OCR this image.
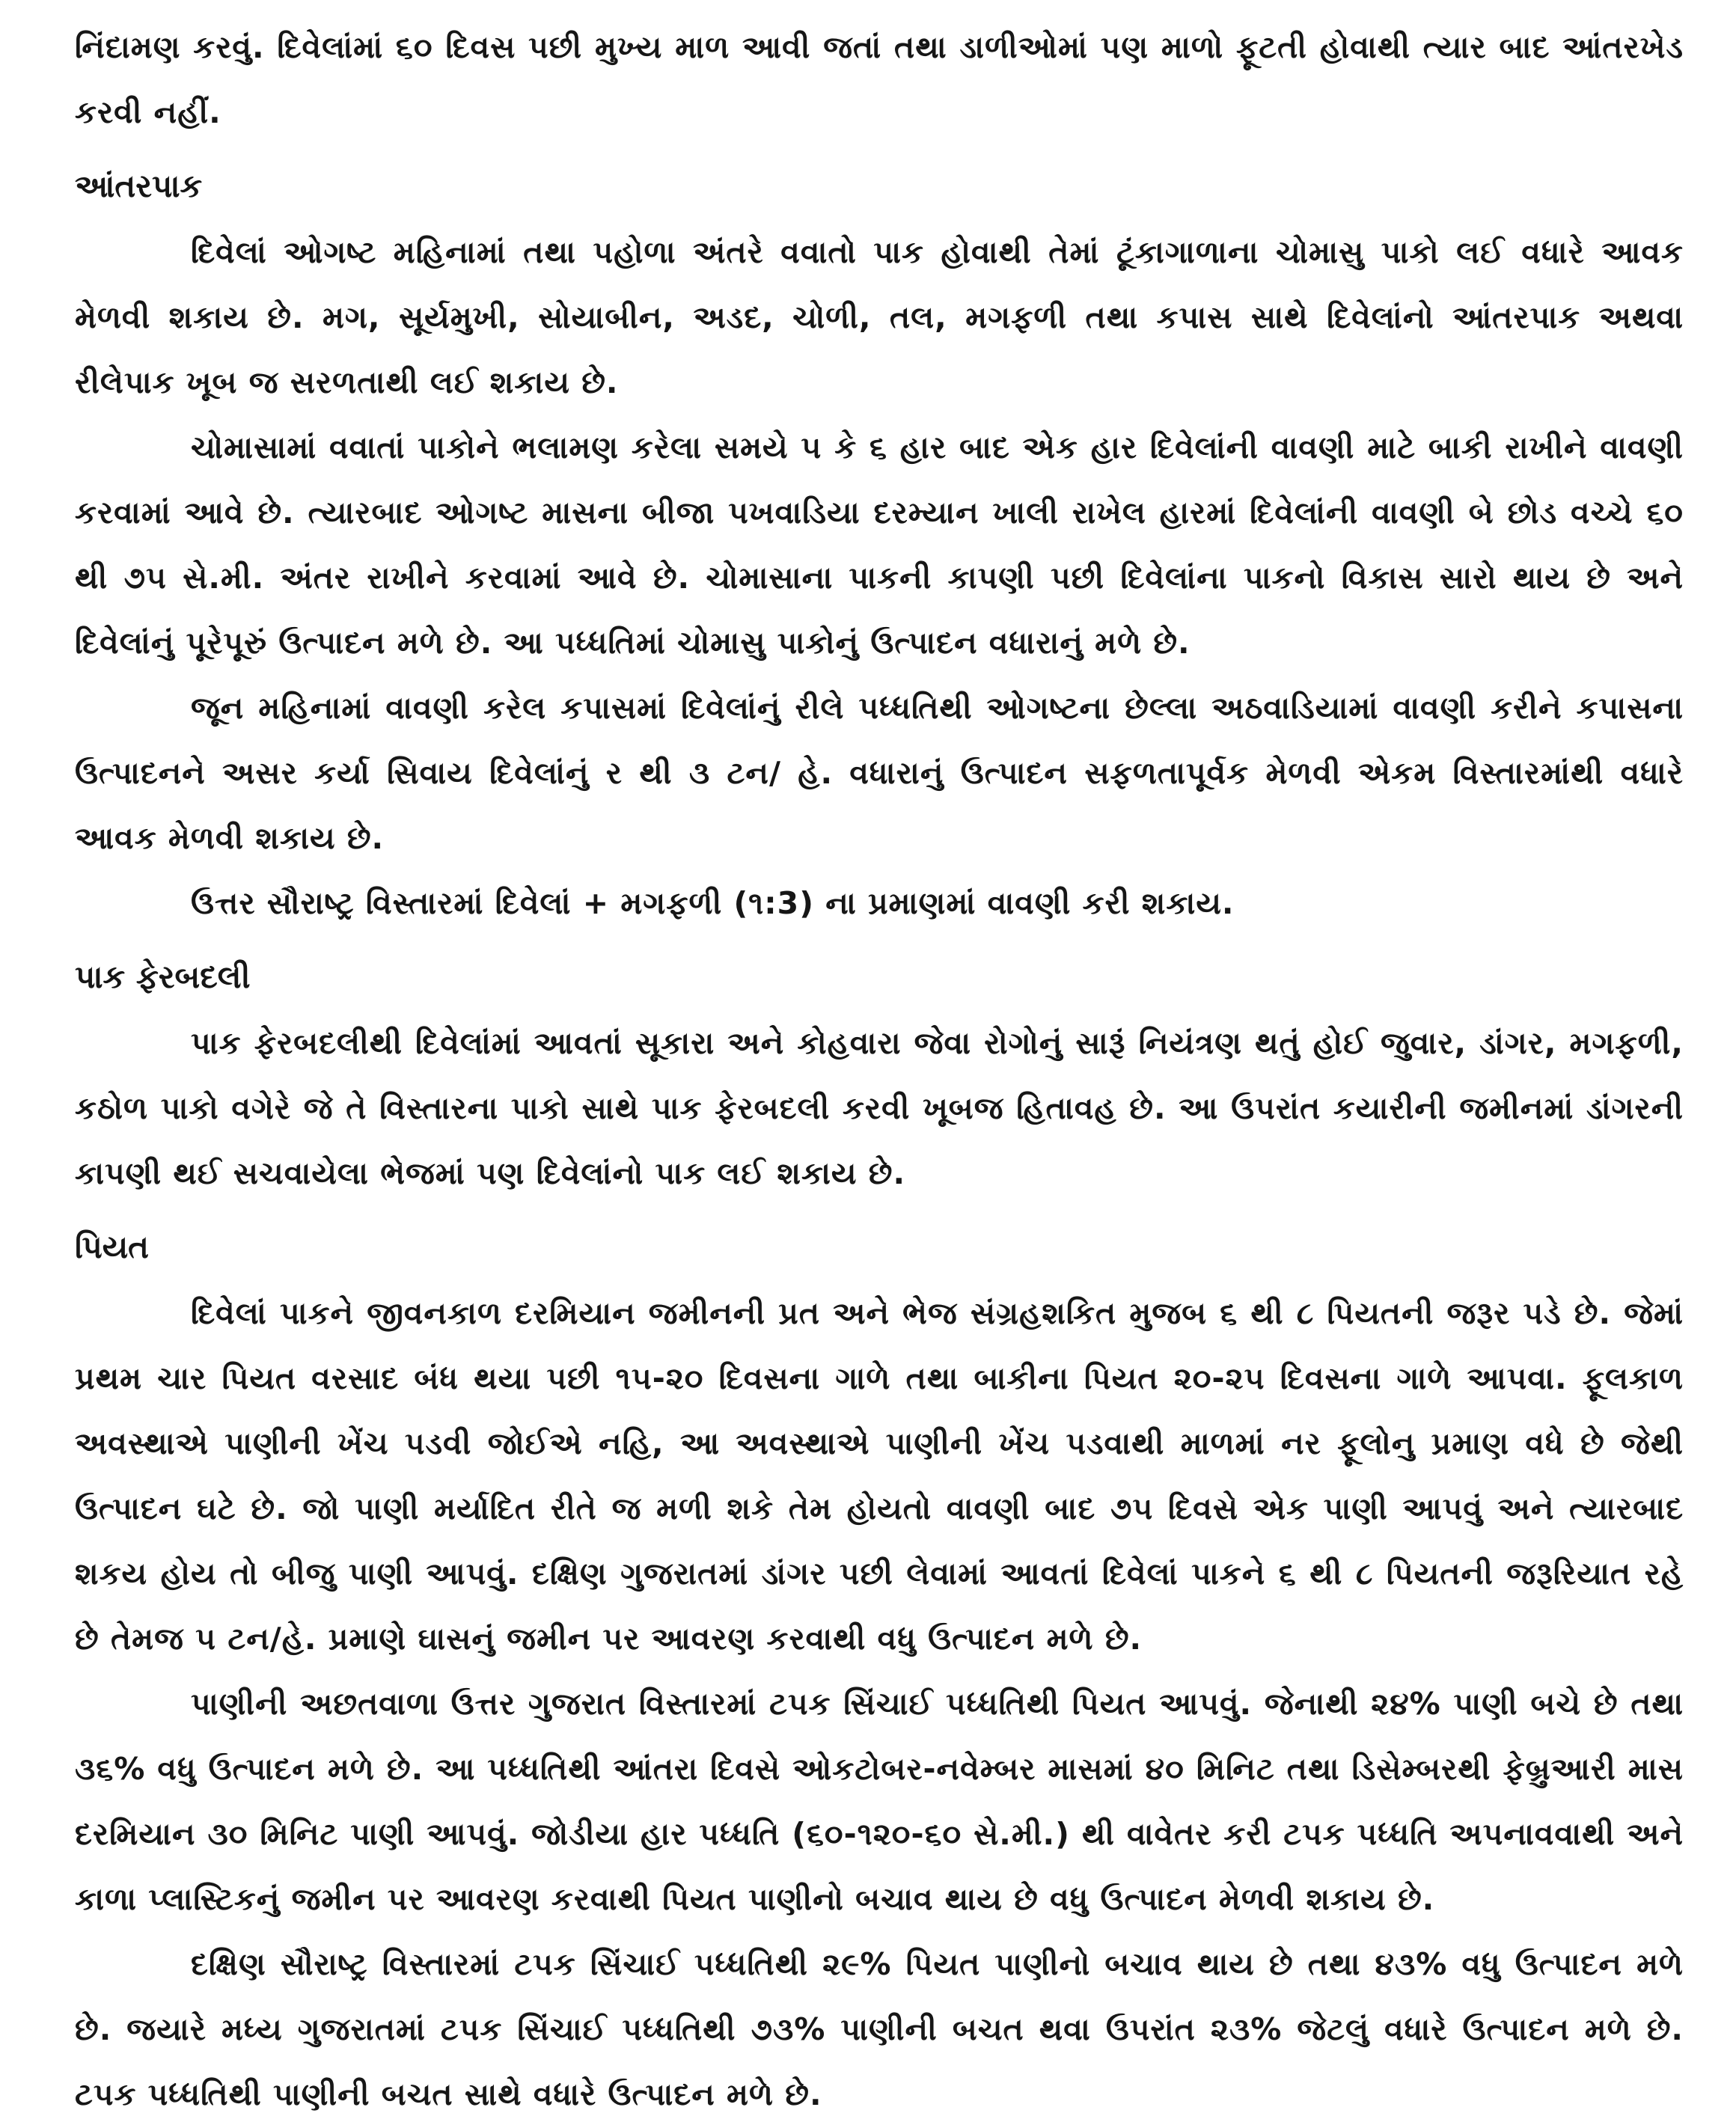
નિંદામણ કરવું. દિવેલાંમાં ૬૦ દિવસ પછી મુખ્ય માળ આવી જતાં તથા ડાળીઓમાં પણ માળો ફૂટતી હોવાથી ત્યાર બાદ આંતરખેડ કરવી નહીં.

આંતરપાક

દિવેલાં ઓગષ્ટ મહિનામાં તથા પહોળા અંતરે વવાતો પાક હોવાથી તેમાં ટૂંકાગાળાના ચોમાસુ પાકો લઈ વધારે આવક મેળવી શકાય છે. મગ, સૂર્યમુખી, સોયાબીન, અડદ, ચોળી, તલ, મગફળી તથા કપાસ સાથે દિવેલાંનો આંતરપાક અથવા રીલેપાક ખૂબ જ સરળતાથી લઈ શકાય છે.

ચોમાસામાં વવાતાં પાકોને ભલામણ કરેલા સમયે ૫ કે ૬ હાર બાદ એક હાર દિવેલાંની વાવણી માટે બાકી રાખીને વાવણી કરવામાં આવે છે. ત્યારબાદ ઓગષ્ટ માસના બીજા પખવાડિયા દરમ્યાન ખાલી રાખેલ હારમાં દિવેલાંની વાવણી બે છોડ વચ્ચે ૬૦ થી ૭૫ સે.મી. અંતર રાખીને કરવામાં આવે છે. ચોમાસાના પાકની કાપણી પછી દિવેલાંના પાકનો વિકાસ સારો થાય છે અને દિવેલાંનું પૂરેપૂરું ઉત્પાદન મળે છે. આ પધ્ધતિમાં ચોમાસુ પાકોનું ઉત્પાદન વધારાનું મળે છે.

જૂન મહિનામાં વાવણી કરેલ કપાસમાં દિવેલાંનું રીલે પધ્ધતિથી ઓગષ્ટના છેલ્લા અઠવાડિયામાં વાવણી કરીને કપાસના ઉત્પાદનને અસર કર્યા સિવાય દિવેલાંનું ર થી ૩ ટન/ હે. વધારાનું ઉત્પાદન સફળતાપૂર્વક મેળવી એકમ વિસ્તારમાંથી વધારે આવક મેળવી શકાય છે.

ઉત્તર સૌરાષ્ટ્ર વિસ્તારમાં દિવેલાં + મગફળી (૧:3) ના પ્રમાણમાં વાવણી કરી શકાય.

પાક ફેરબદલી

પાક ફેરબદલીથી દિવેલાંમાં આવતાં સૂકારા અને કોહવારા જેવા રોગોનું સારૂં નિયંત્રણ થતું હોઈ જુવાર, ડાંગર, મગફળી, કઠોળ પાકો વગેરે જે તે વિસ્તારના પાકો સાથે પાક ફેરબદલી કરવી ખૂબજ હિતાવહ છે. આ ઉપરાંત કયારીની જમીનમાં ડાંગરની કાપણી થઈ સચવાયેલા ભેજમાં પણ દિવેલાંનો પાક લઈ શકાય છે.

પિયત

દિવેલાં પાકને જીવનકાળ દરમિયાન જમીનની પ્રત અને ભેજ સંગ્રહશકિત મુજબ ૬ થી ૮ પિયતની જરૂર પડે છે. જેમાં પ્રથમ ચાર પિયત વરસાદ બંધ થયા પછી ૧૫-૨૦ દિવસના ગાળે તથા બાકીના પિયત ૨૦-૨૫ દિવસના ગાળે આપવા. ફૂલકાળ અવસ્થાએ પાણીની ખેંચ પડવી જોઈએ નહિ, આ અવસ્થાએ પાણીની ખેંચ પડવાથી માળમાં નર ફૂલોનુ પ્રમાણ વધે છે જેથી ઉત્પાદન ઘટે છે. જો પાણી મર્યાદિત રીતે જ મળી શકે તેમ હોયતો વાવણી બાદ ૭૫ દિવસે એક પાણી આપવું અને ત્યારબાદ શકય હોય તો બીજુ પાણી આપવું. દક્ષિણ ગુજરાતમાં ડાંગર પછી લેવામાં આવતાં દિવેલાં પાકને ૬ થી ૮ પિયતની જરૂરિયાત રહે છે તેમજ ૫ ટન/હે. પ્રમાણે ઘાસનું જમીન પર આવરણ કરવાથી વધુ ઉત્પાદન મળે છે.

પાણીની અછતવાળા ઉત્તર ગુજરાત વિસ્તારમાં ટપક સિંચાઈ પધ્ધતિથી પિયત આપવું. જેનાથી ૨૪% પાણી બચે છે તથા ૩૬% વધુ ઉત્પાદન મળે છે. આ પધ્ધતિથી આંતરા દિવસે ઓકટોબર-નવેમ્બર માસમાં ૪૦ મિનિટ તથા ડિસેમ્બરથી ફેબ્રુઆરી માસ દરમિયાન ૩૦ મિનિટ પાણી આપવું. જોડીયા હાર પધ્ધતિ (૬૦-૧૨૦-૬૦ સે.મી.) થી વાવેતર કરી ટપક પધ્ધતિ અપનાવવાથી અને કાળા પ્લાસ્ટિકનું જમીન પર આવરણ કરવાથી પિયત પાણીનો બચાવ થાય છે વધુ ઉત્પાદન મેળવી શકાય છે.

દક્ષિણ સૌરાષ્ટ્ર વિસ્તારમાં ટપક સિંચાઈ પધ્ધતિથી ૨૯% પિયત પાણીનો બચાવ થાય છે તથા ૪૩% વધુ ઉત્પાદન મળે છે. જયારે મધ્ય ગુજરાતમાં ટપક સિંચાઈ પધ્ધતિથી ૭૩% પાણીની બચત થવા ઉપરાંત ૨૩% જેટલું વધારે ઉત્પાદન મળે છે. ટપક પધ્ધતિથી પાણીની બચત સાથે વધારે ઉત્પાદન મળે છે.
